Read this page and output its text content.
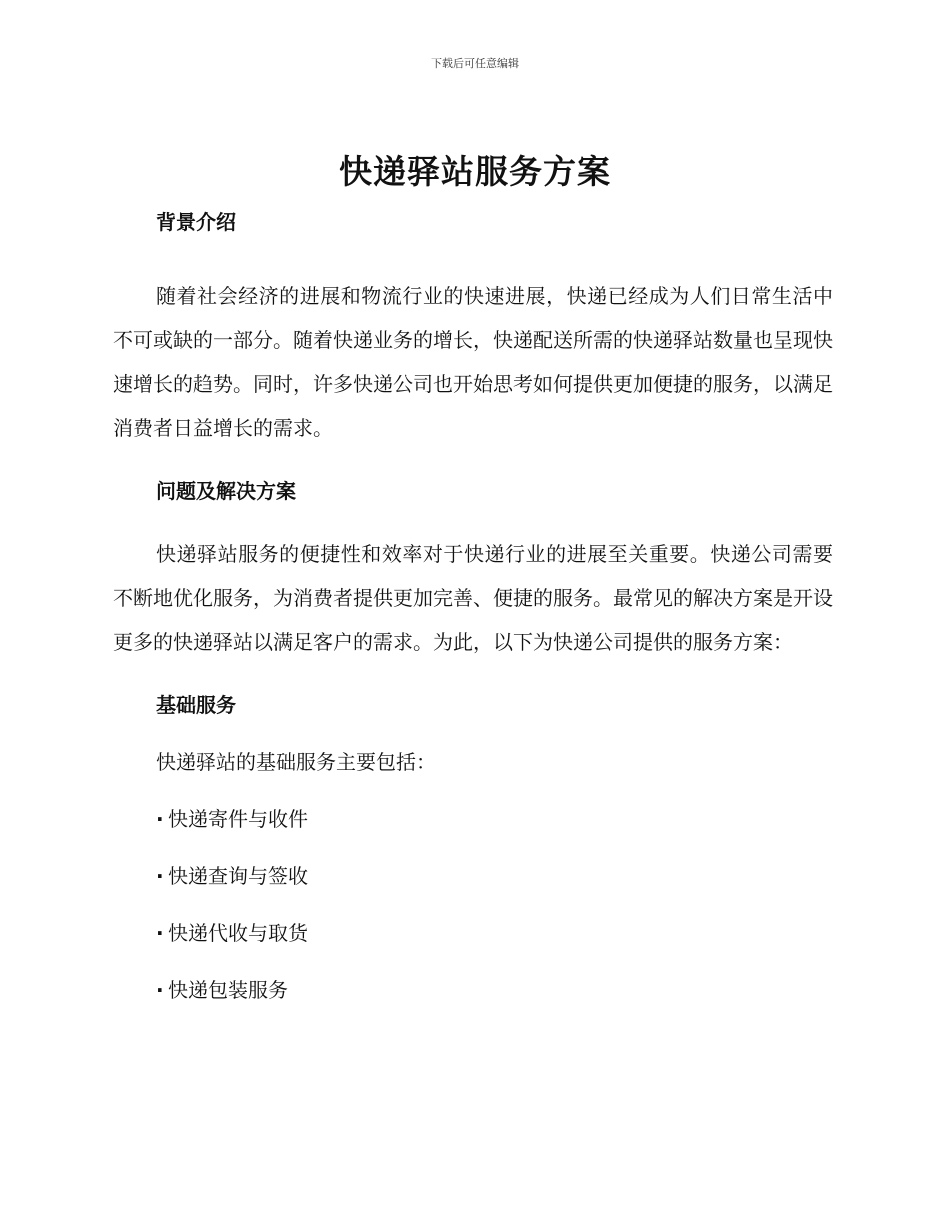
下载后可任意编辑
快递驿站服务方案
背景介绍

随着社会经济的进展和物流行业的快速进展，快递已经成为人们日常生活中不可或缺的一部分。随着快递业务的增长，快递配送所需的快递驿站数量也呈现快速增长的趋势。同时，许多快递公司也开始思考如何提供更加便捷的服务，以满足消费者日益增长的需求。

问题及解决方案

快递驿站服务的便捷性和效率对于快递行业的进展至关重要。快递公司需要不断地优化服务，为消费者提供更加完善、便捷的服务。最常见的解决方案是开设更多的快递驿站以满足客户的需求。为此，以下为快递公司提供的服务方案：

基础服务

快递驿站的基础服务主要包括：

· 快递寄件与收件
· 快递查询与签收
· 快递代收与取货
· 快递包装服务
